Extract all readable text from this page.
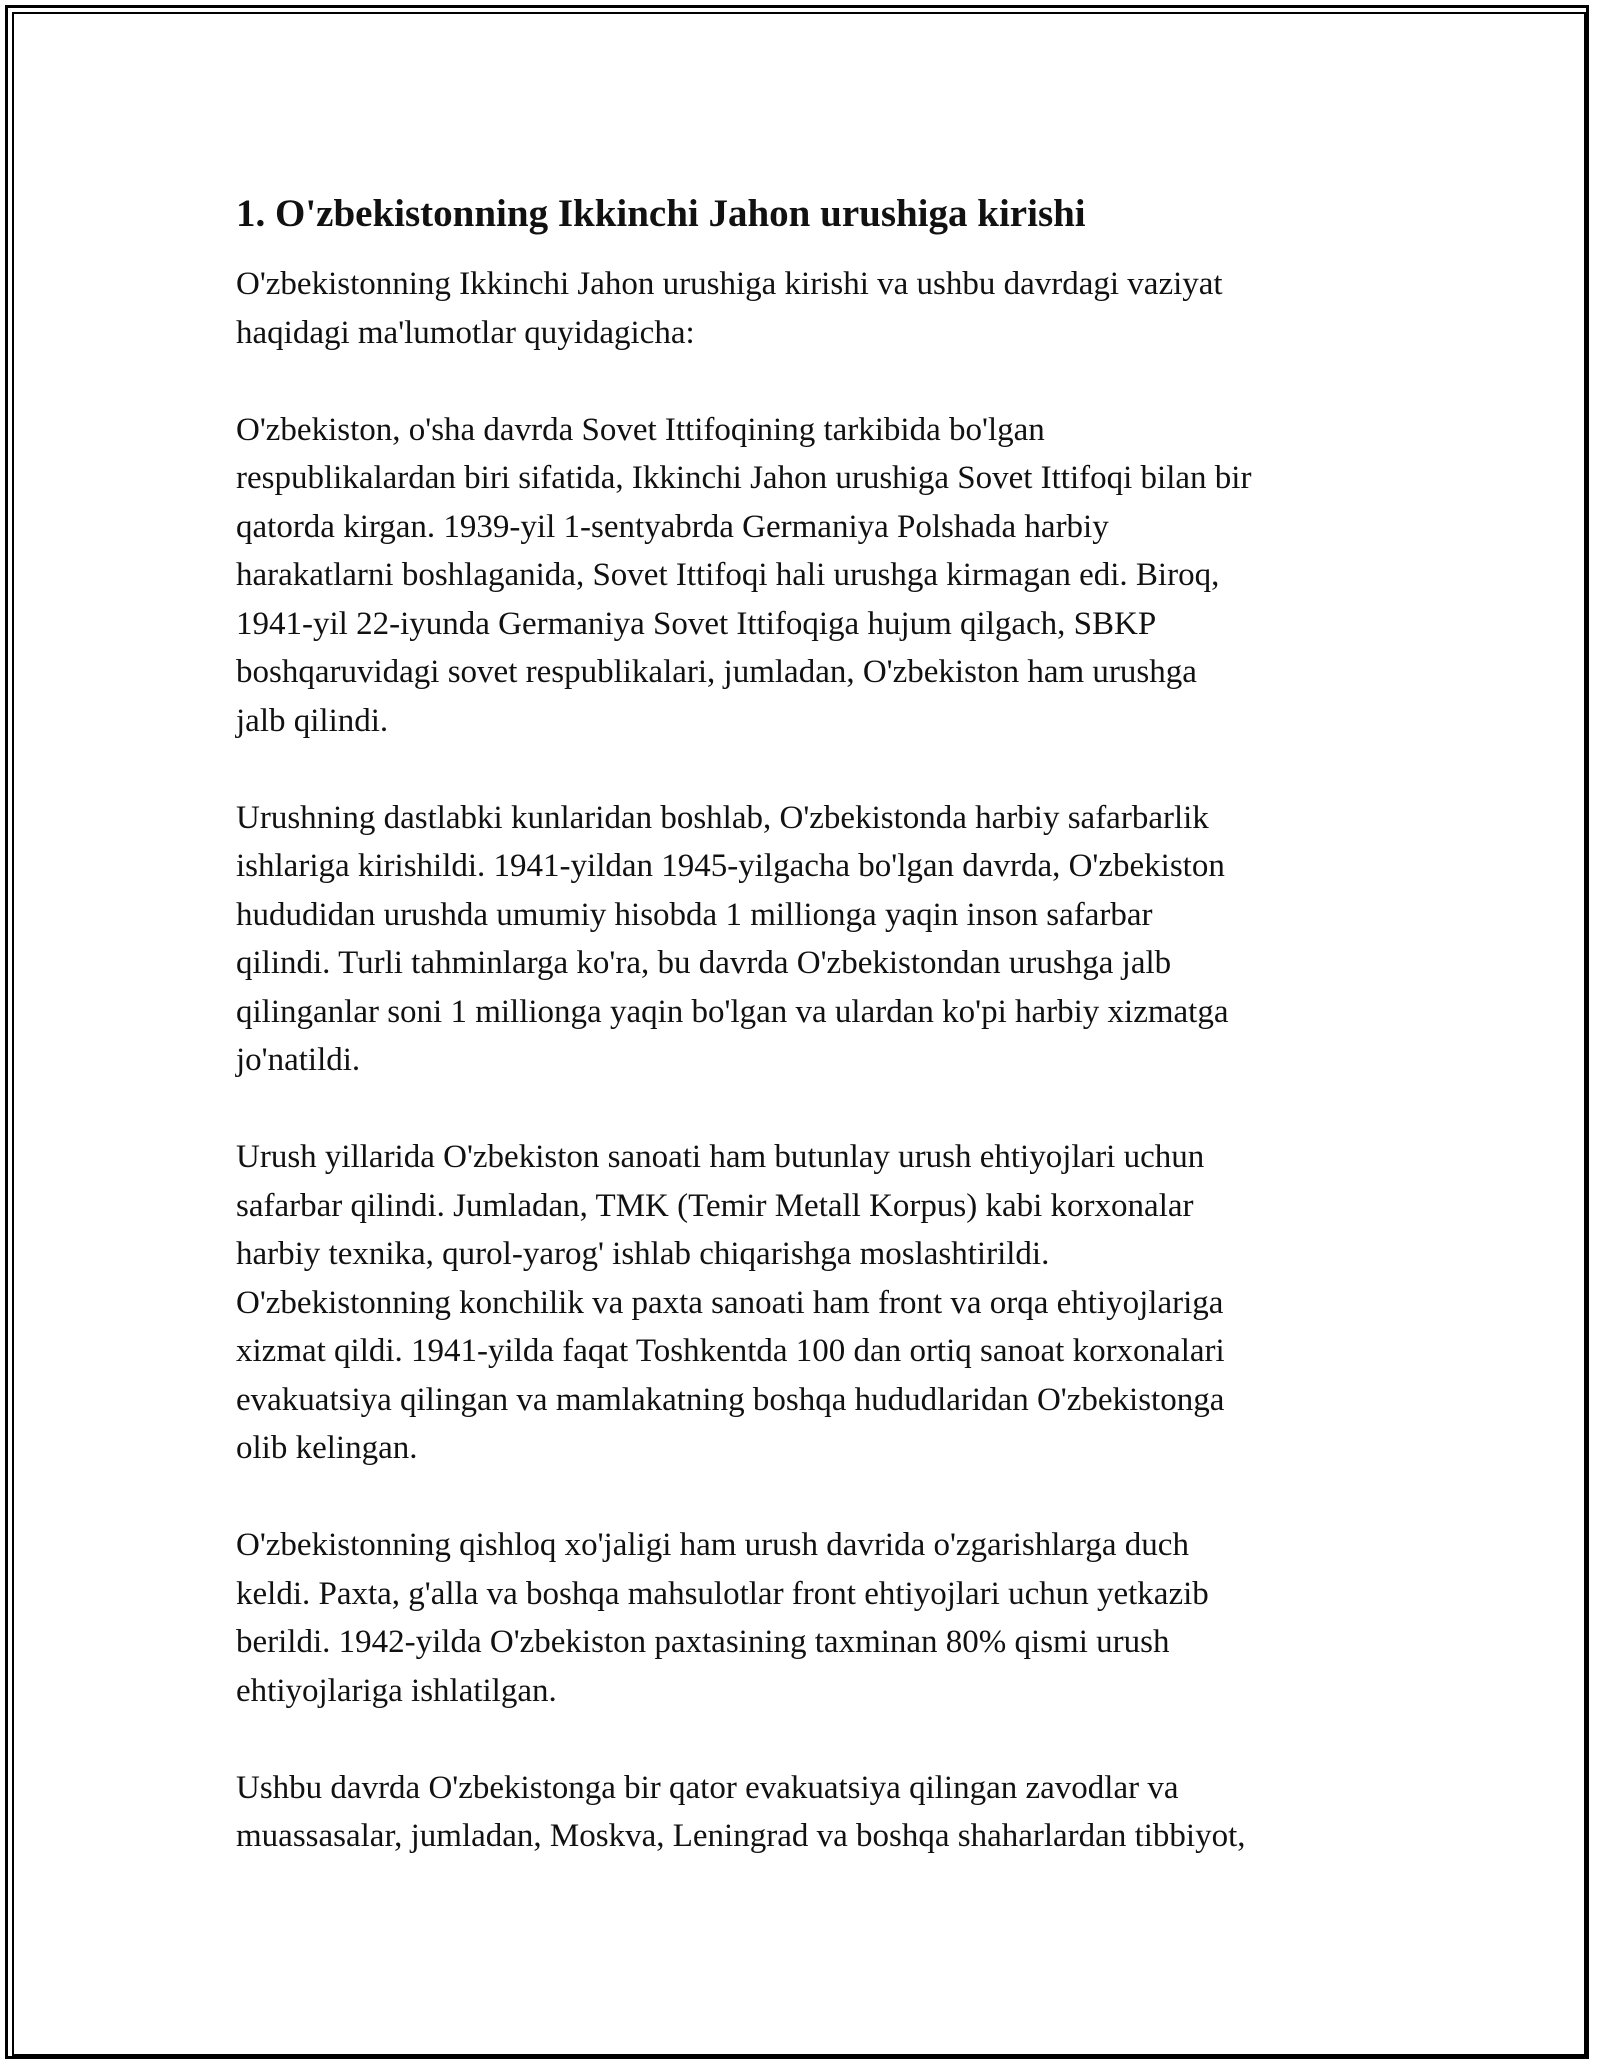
1. O'zbekistonning Ikkinchi Jahon urushiga kirishi

O'zbekistonning Ikkinchi Jahon urushiga kirishi va ushbu davrdagi vaziyat
haqidagi ma'lumotlar quyidagicha:

O'zbekiston, o'sha davrda Sovet Ittifoqining tarkibida bo'lgan
respublikalardan biri sifatida, Ikkinchi Jahon urushiga Sovet Ittifoqi bilan bir
qatorda kirgan. 1939-yil 1-sentyabrda Germaniya Polshada harbiy
harakatlarni boshlaganida, Sovet Ittifoqi hali urushga kirmagan edi. Biroq,
1941-yil 22-iyunda Germaniya Sovet Ittifoqiga hujum qilgach, SBKP
boshqaruvidagi sovet respublikalari, jumladan, O'zbekiston ham urushga
jalb qilindi.

Urushning dastlabki kunlaridan boshlab, O'zbekistonda harbiy safarbarlik
ishlariga kirishildi. 1941-yildan 1945-yilgacha bo'lgan davrda, O'zbekiston
hududidan urushda umumiy hisobda 1 millionga yaqin inson safarbar
qilindi. Turli tahminlarga ko'ra, bu davrda O'zbekistondan urushga jalb
qilinganlar soni 1 millionga yaqin bo'lgan va ulardan ko'pi harbiy xizmatga
jo'natildi.

Urush yillarida O'zbekiston sanoati ham butunlay urush ehtiyojlari uchun
safarbar qilindi. Jumladan, TMK (Temir Metall Korpus) kabi korxonalar
harbiy texnika, qurol-yarog' ishlab chiqarishga moslashtirildi.
O'zbekistonning konchilik va paxta sanoati ham front va orqa ehtiyojlariga
xizmat qildi. 1941-yilda faqat Toshkentda 100 dan ortiq sanoat korxonalari
evakuatsiya qilingan va mamlakatning boshqa hududlaridan O'zbekistonga
olib kelingan.

O'zbekistonning qishloq xo'jaligi ham urush davrida o'zgarishlarga duch
keldi. Paxta, g'alla va boshqa mahsulotlar front ehtiyojlari uchun yetkazib
berildi. 1942-yilda O'zbekiston paxtasining taxminan 80% qismi urush
ehtiyojlariga ishlatilgan.

Ushbu davrda O'zbekistonga bir qator evakuatsiya qilingan zavodlar va
muassasalar, jumladan, Moskva, Leningrad va boshqa shaharlardan tibbiyot,
